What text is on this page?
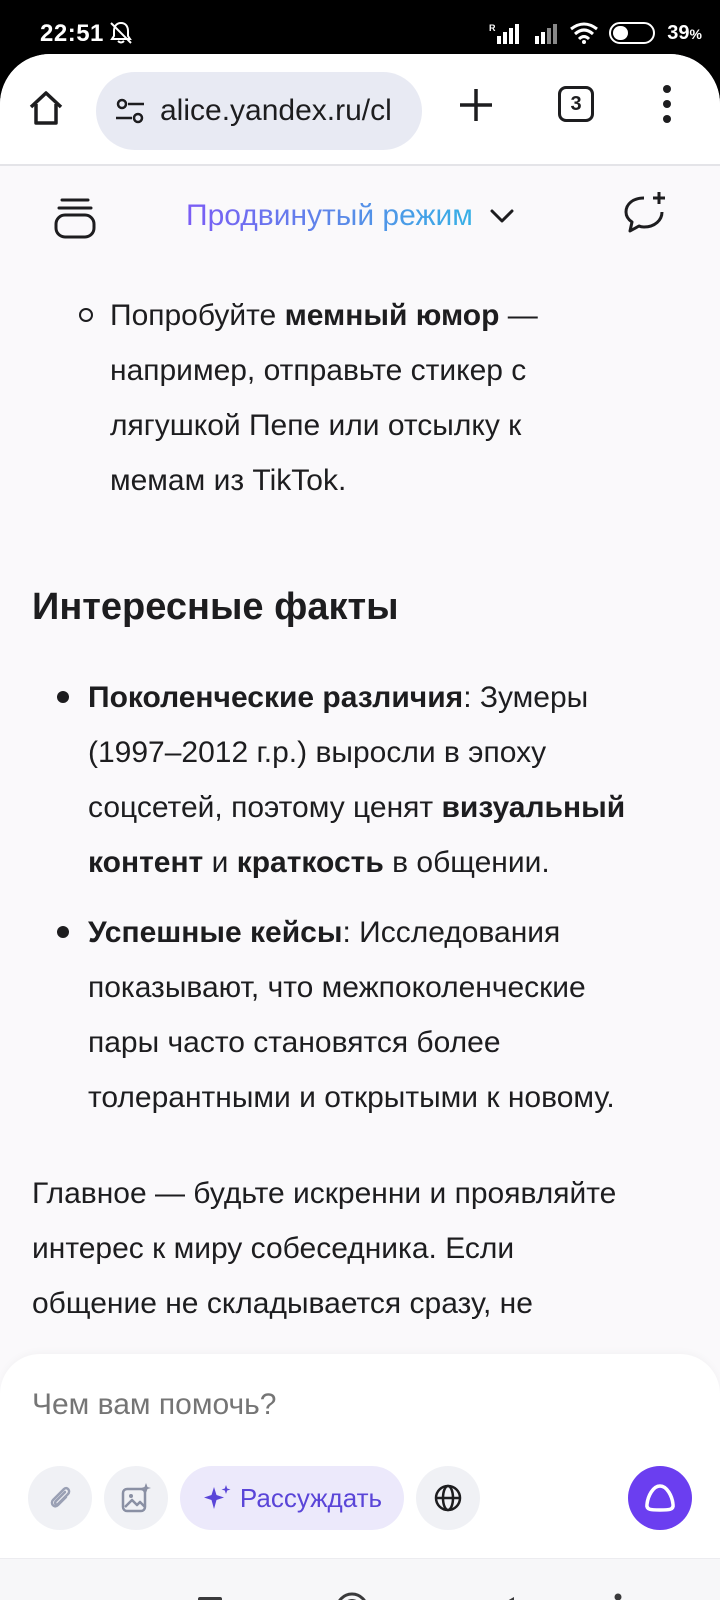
22:51	R	39%
alice.yandex.ru/cl	3
Продвинутый режим
Попробуйте мемный юмор —
например, отправьте стикер с
лягушкой Пепе или отсылку к
мемам из TikTok.
Интересные факты
Поколенческие различия: Зумеры
(1997–2012 г.р.) выросли в эпоху
соцсетей, поэтому ценят визуальный
контент и краткость в общении.
Успешные кейсы: Исследования
показывают, что межпоколенческие
пары часто становятся более
толерантными и открытыми к новому.
Главное — будьте искренни и проявляйте
интерес к миру собеседника. Если
общение не складывается сразу, не
Чем вам помочь?
Рассуждать
